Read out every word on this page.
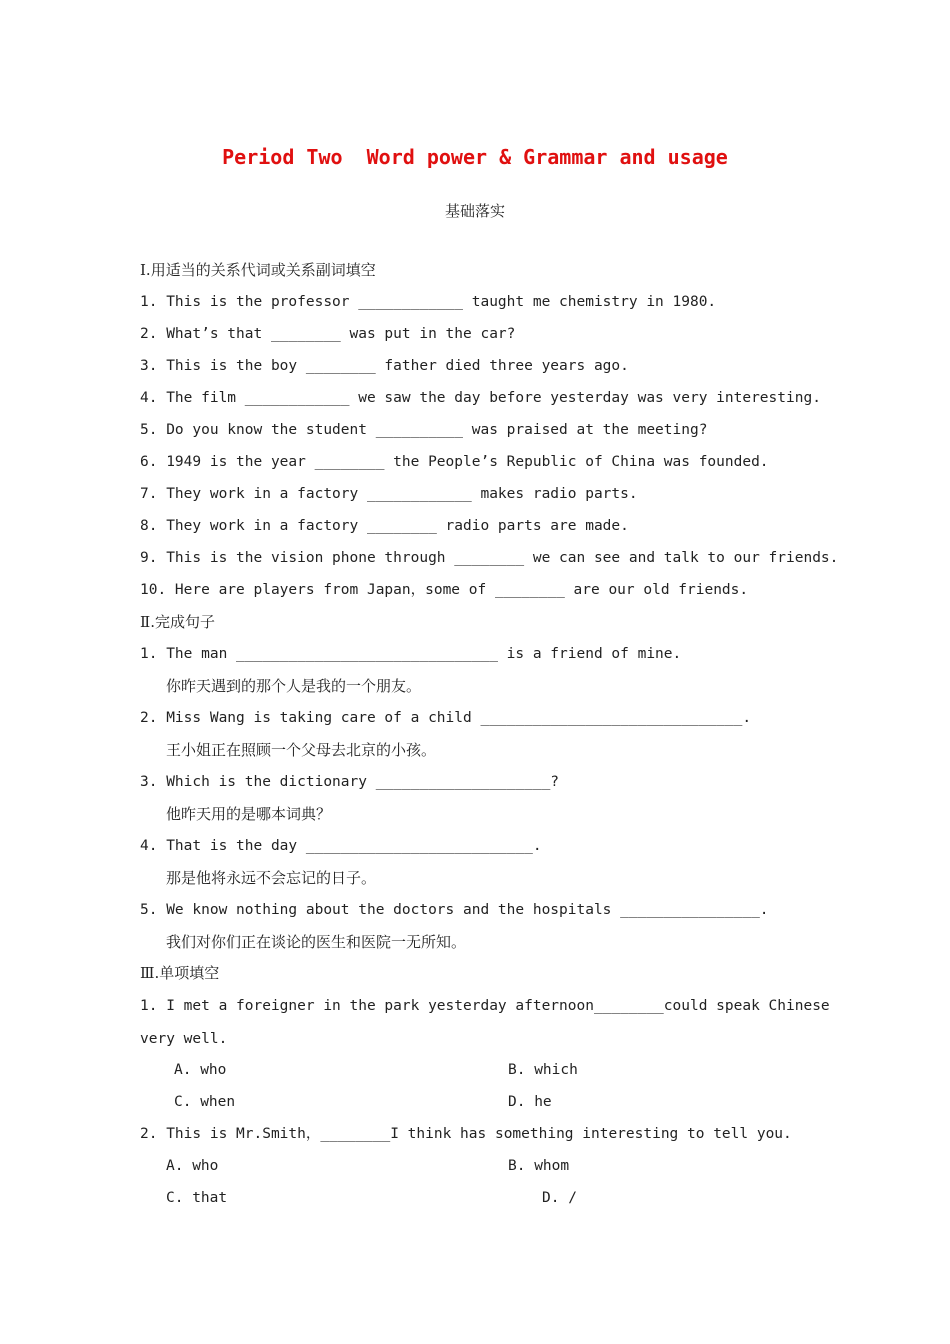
Period Two  Word power & Grammar and usage
基础落实
Ⅰ.用适当的关系代词或关系副词填空
1. This is the professor ____________ taught me chemistry in 1980.
2. What’s that ________ was put in the car?
3. This is the boy ________ father died three years ago.
4. The film ____________ we saw the day before yesterday was very interesting.
5. Do you know the student __________ was praised at the meeting?
6. 1949 is the year ________ the People’s Republic of China was founded.
7. They work in a factory ____________ makes radio parts.
8. They work in a factory ________ radio parts are made.
9. This is the vision phone through ________ we can see and talk to our friends.
10. Here are players from Japan，some of ________ are our old friends.
Ⅱ.完成句子
1. The man ______________________________ is a friend of mine.
你昨天遇到的那个人是我的一个朋友。
2. Miss Wang is taking care of a child ______________________________.
王小姐正在照顾一个父母去北京的小孩。
3. Which is the dictionary ____________________?
他昨天用的是哪本词典？
4. That is the day __________________________.
那是他将永远不会忘记的日子。
5. We know nothing about the doctors and the hospitals ________________.
我们对你们正在谈论的医生和医院一无所知。
Ⅲ.单项填空
1. I met a foreigner in the park yesterday afternoon________could speak Chinese
very well.
A. who	B. which
C. when	D. he
2. This is Mr.Smith，________I think has something interesting to tell you.
A. who	B. whom
C. that	D. /
